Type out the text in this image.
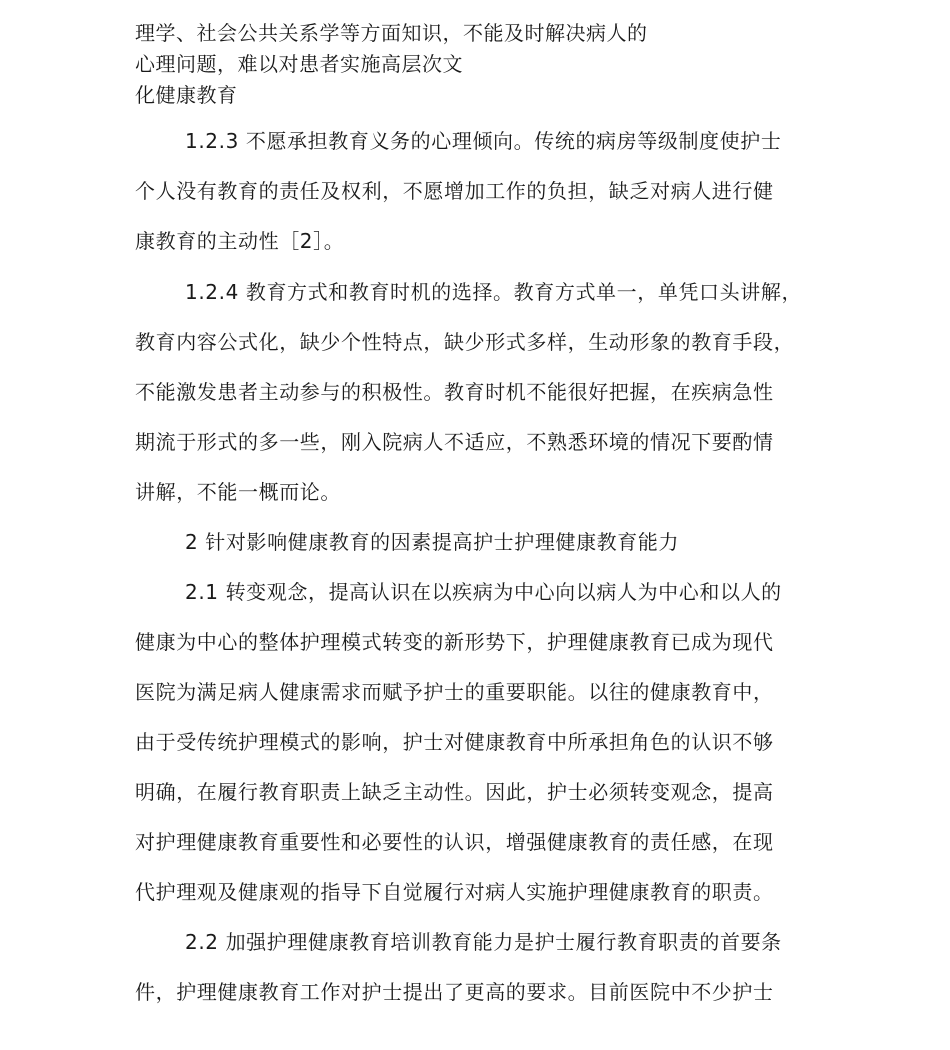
理学、社会公共关系学等方面知识，不能及时解决病人的
心理问题，难以对患者实施高层次文
化健康教育
1.2.3 不愿承担教育义务的心理倾向。传统的病房等级制度使护士
个人没有教育的责任及权利，不愿增加工作的负担，缺乏对病人进行健
康教育的主动性［2］。
1.2.4 教育方式和教育时机的选择。教育方式单一，单凭口头讲解，
教育内容公式化，缺少个性特点，缺少形式多样，生动形象的教育手段，
不能激发患者主动参与的积极性。教育时机不能很好把握，在疾病急性
期流于形式的多一些，刚入院病人不适应，不熟悉环境的情况下要酌情
讲解，不能一概而论。
2 针对影响健康教育的因素提高护士护理健康教育能力
2.1 转变观念，提高认识在以疾病为中心向以病人为中心和以人的
健康为中心的整体护理模式转变的新形势下，护理健康教育已成为现代
医院为满足病人健康需求而赋予护士的重要职能。以往的健康教育中，
由于受传统护理模式的影响，护士对健康教育中所承担角色的认识不够
明确，在履行教育职责上缺乏主动性。因此，护士必须转变观念，提高
对护理健康教育重要性和必要性的认识，增强健康教育的责任感，在现
代护理观及健康观的指导下自觉履行对病人实施护理健康教育的职责。
2.2 加强护理健康教育培训教育能力是护士履行教育职责的首要条
件，护理健康教育工作对护士提出了更高的要求。目前医院中不少护士
